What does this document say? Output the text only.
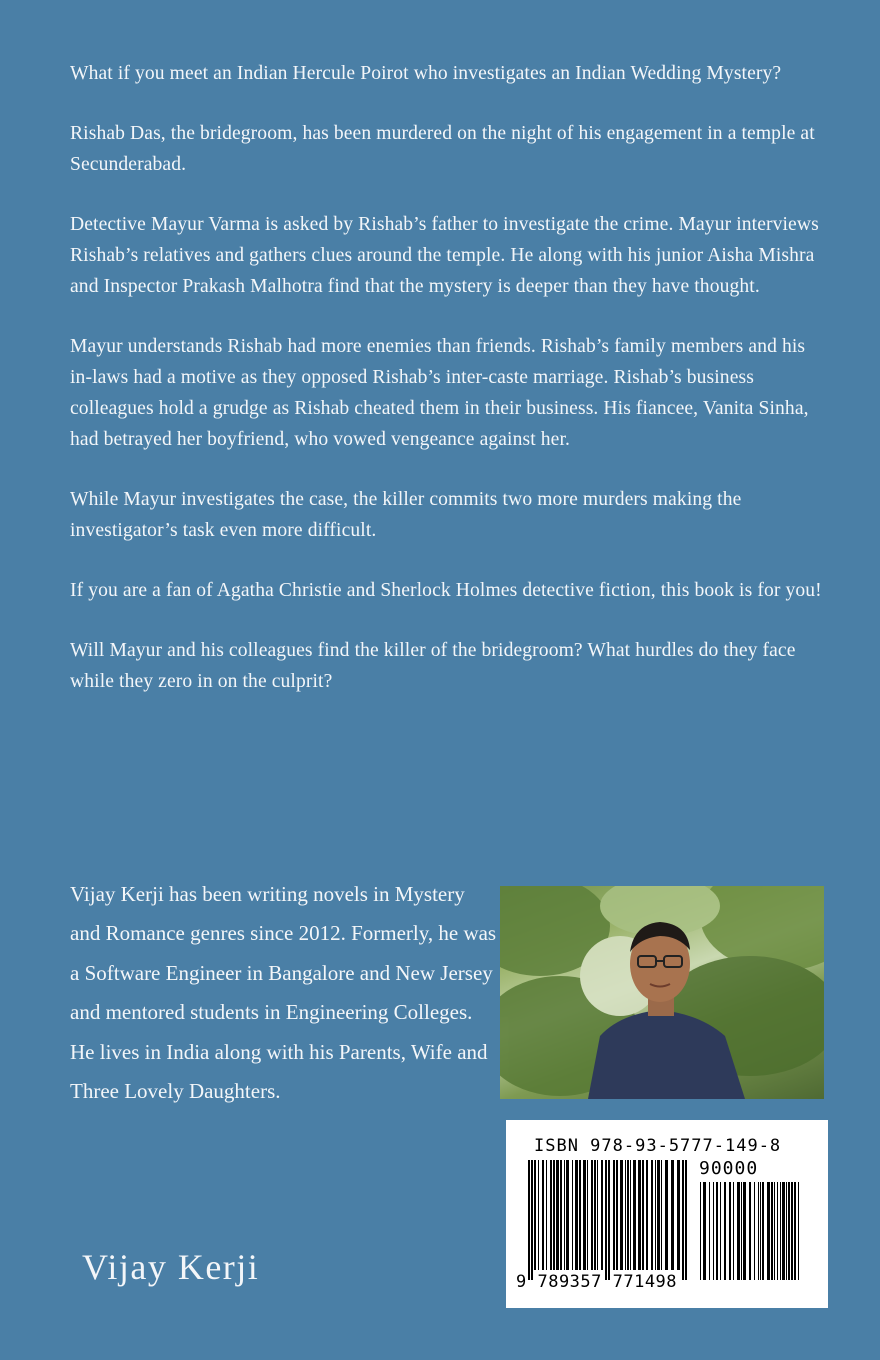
What if you meet an Indian Hercule Poirot who investigates an Indian Wedding Mystery?

Rishab Das, the bridegroom, has been murdered on the night of his engagement in a temple at Secunderabad.

Detective Mayur Varma is asked by Rishab’s father to investigate the crime. Mayur interviews Rishab’s relatives and gathers clues around the temple. He along with his junior Aisha Mishra and Inspector Prakash Malhotra find that the mystery is deeper than they have thought.

Mayur understands Rishab had more enemies than friends. Rishab’s family members and his in-laws had a motive as they opposed Rishab’s inter-caste marriage. Rishab’s business colleagues hold a grudge as Rishab cheated them in their business. His fiancee, Vanita Sinha, had betrayed her boyfriend, who vowed vengeance against her.

While Mayur investigates the case, the killer commits two more murders making the investigator’s task even more difficult.

If you are a fan of Agatha Christie and Sherlock Holmes detective fiction, this book is for you!

Will Mayur and his colleagues find the killer of the bridegroom? What hurdles do they face while they zero in on the culprit?

Vijay Kerji has been writing novels in Mystery and Romance genres since 2012. Formerly, he was a Software Engineer in Bangalore and New Jersey and mentored students in Engineering Colleges. He lives in India along with his Parents, Wife and Three Lovely Daughters.

Vijay Kerji

ISBN 978-93-5777-149-8
90000
9 789357 771498
